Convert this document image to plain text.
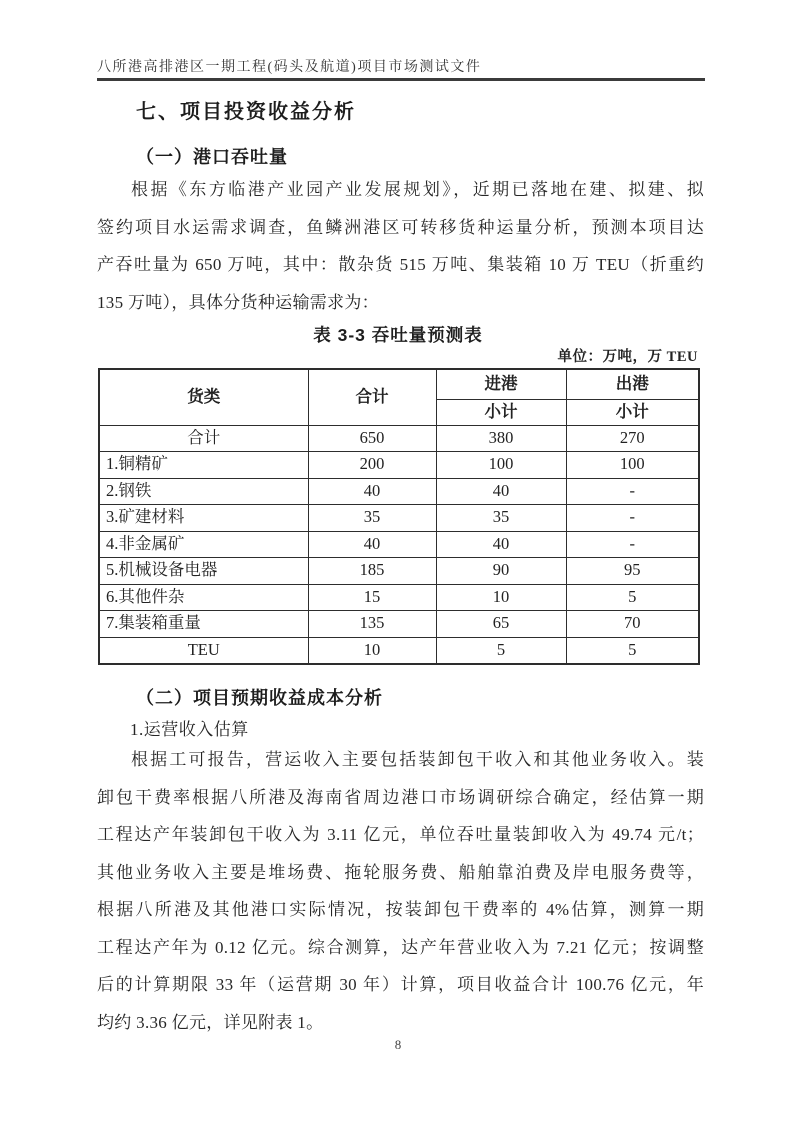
八所港高排港区一期工程(码头及航道)项目市场测试文件
七、项目投资收益分析
（一）港口吞吐量
根据《东方临港产业园产业发展规划》，近期已落地在建、拟建、拟
签约项目水运需求调查，鱼鳞洲港区可转移货种运量分析，预测本项目达
产吞吐量为 650 万吨，其中：散杂货 515 万吨、集装箱 10 万 TEU（折重约
135 万吨），具体分货种运输需求为：
表 3-3 吞吐量预测表
单位：万吨，万 TEU
货类	合计	进港	出港
		小计	小计
合计	650	380	270
1.铜精矿	200	100	100
2.钢铁	40	40	-
3.矿建材料	35	35	-
4.非金属矿	40	40	-
5.机械设备电器	185	90	95
6.其他件杂	15	10	5
7.集装箱重量	135	65	70
TEU	10	5	5
（二）项目预期收益成本分析
1.运营收入估算
根据工可报告，营运收入主要包括装卸包干收入和其他业务收入。装
卸包干费率根据八所港及海南省周边港口市场调研综合确定，经估算一期
工程达产年装卸包干收入为 3.11 亿元，单位吞吐量装卸收入为 49.74 元/t；
其他业务收入主要是堆场费、拖轮服务费、船舶靠泊费及岸电服务费等，
根据八所港及其他港口实际情况，按装卸包干费率的 4%估算，测算一期
工程达产年为 0.12 亿元。综合测算，达产年营业收入为 7.21 亿元；按调整
后的计算期限 33 年（运营期 30 年）计算，项目收益合计 100.76 亿元，年
均约 3.36 亿元，详见附表 1。
8
